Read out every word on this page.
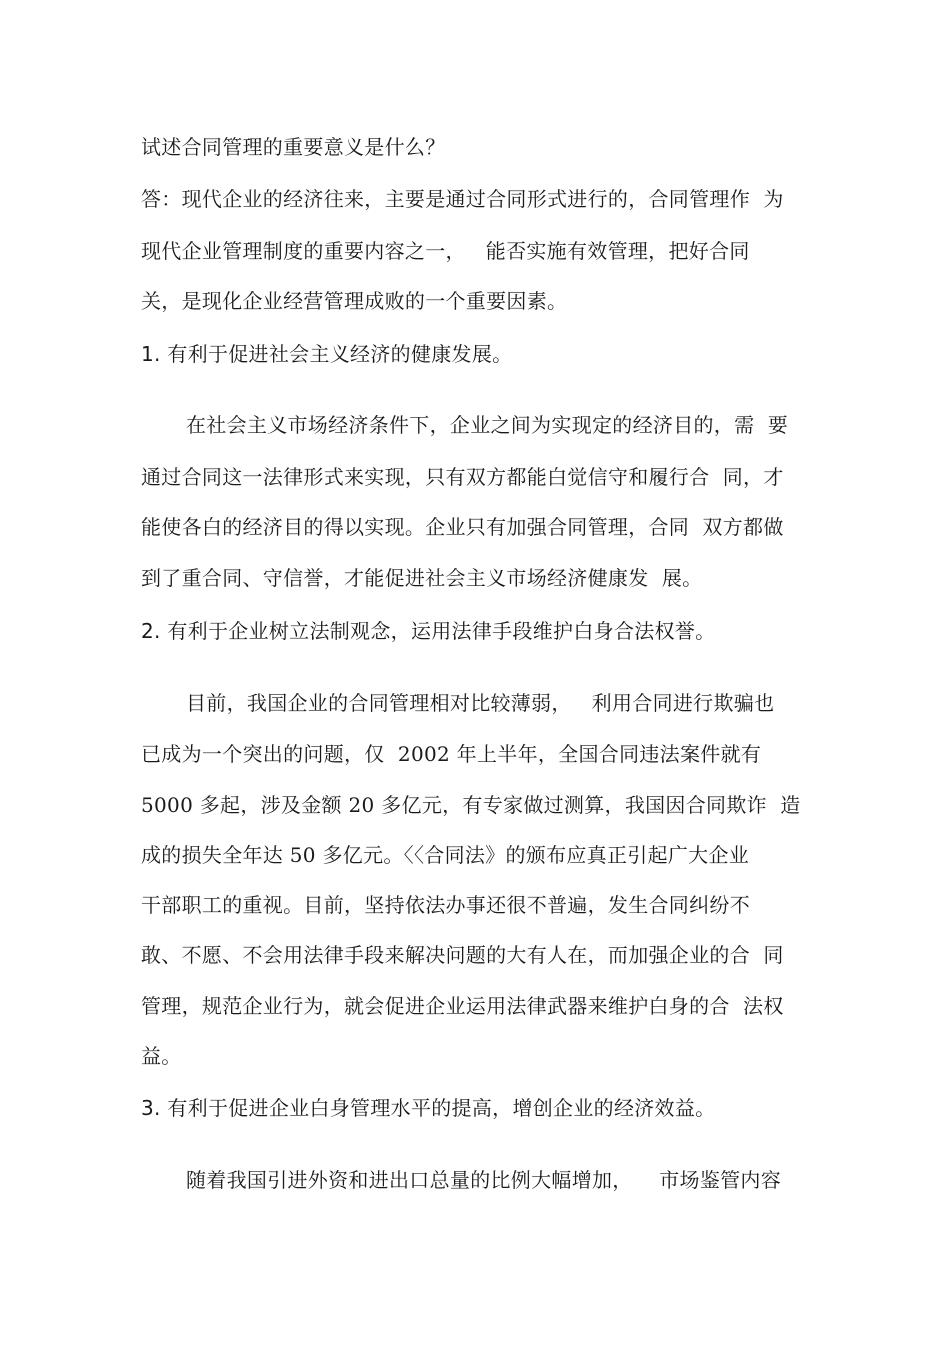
试述合同管理的重要意义是什么？
答：现代企业的经济往来，主要是通过合同形式进行的，合同管理作  为
现代企业管理制度的重要内容之一，   能否实施有效管理，把好合同
关，是现化企业经营管理成败的一个重要因素。
1. 有利于促进社会主义经济的健康发展。
在社会主义市场经济条件下，企业之间为实现定的经济目的，需  要
通过合同这一法律形式来实现，只有双方都能白觉信守和履行合  同，才
能使各白的经济目的得以实现。企业只有加强合同管理，合同  双方都做
到了重合同、守信誉，才能促进社会主义市场经济健康发  展。
2. 有利于企业树立法制观念，运用法律手段维护白身合法权誉。
目前，我国企业的合同管理相对比较薄弱，   利用合同进行欺骗也
已成为一个突出的问题，仅  2002 年上半年，全国合同违法案件就有
5000 多起，涉及金额 20 多亿元，有专家做过测算，我国因合同欺诈  造
成的损失全年达 50 多亿元。〈〈合同法》的颁布应真正引起广大企业
干部职工的重视。目前，坚持依法办事还很不普遍，发生合同纠纷不
敢、不愿、不会用法律手段来解决问题的大有人在，而加强企业的合  同
管理，规范企业行为，就会促进企业运用法律武器来维护白身的合  法权
益。
3. 有利于促进企业白身管理水平的提高，增创企业的经济效益。
随着我国引进外资和进出口总量的比例大幅增加，    市场鉴管内容
